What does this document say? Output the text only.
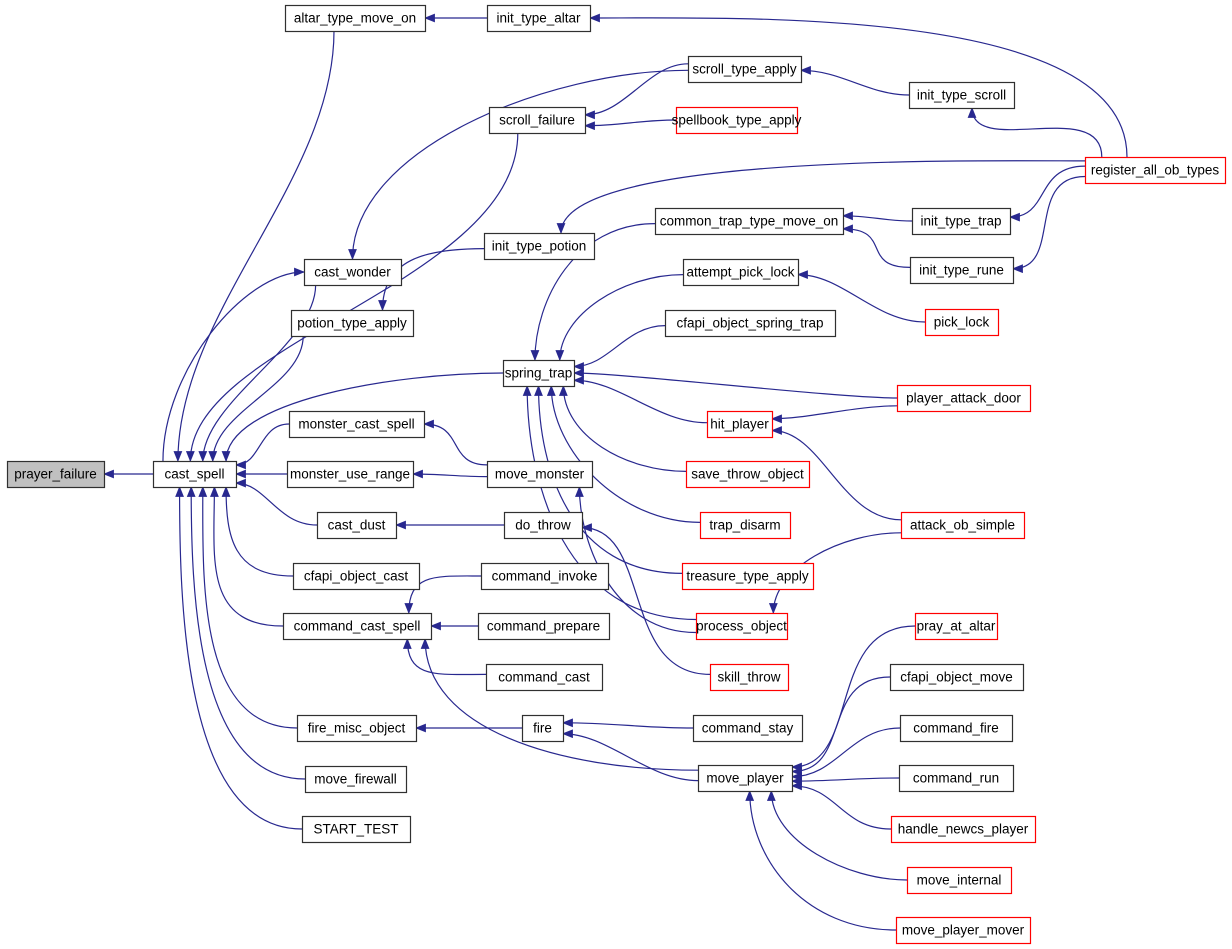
prayer_failure	cast_spell
altar_type_move_on	init_type_altar
scroll_type_apply
init_type_scroll
scroll_failure	spellbook_type_apply
register_all_ob_types
common_trap_type_move_on	init_type_trap
init_type_potion
cast_wonder	attempt_pick_lock	init_type_rune
potion_type_apply	cfapi_object_spring_trap	pick_lock
spring_trap
player_attack_door
monster_cast_spell	hit_player
monster_use_range	move_monster	save_throw_object
cast_dust	do_throw	trap_disarm	attack_ob_simple
cfapi_object_cast	command_invoke	treasure_type_apply
command_cast_spell	command_prepare	process_object	pray_at_altar
command_cast	skill_throw	cfapi_object_move
fire_misc_object	fire	command_stay	command_fire
move_firewall	move_player	command_run
START_TEST	handle_newcs_player
move_internal
move_player_mover
